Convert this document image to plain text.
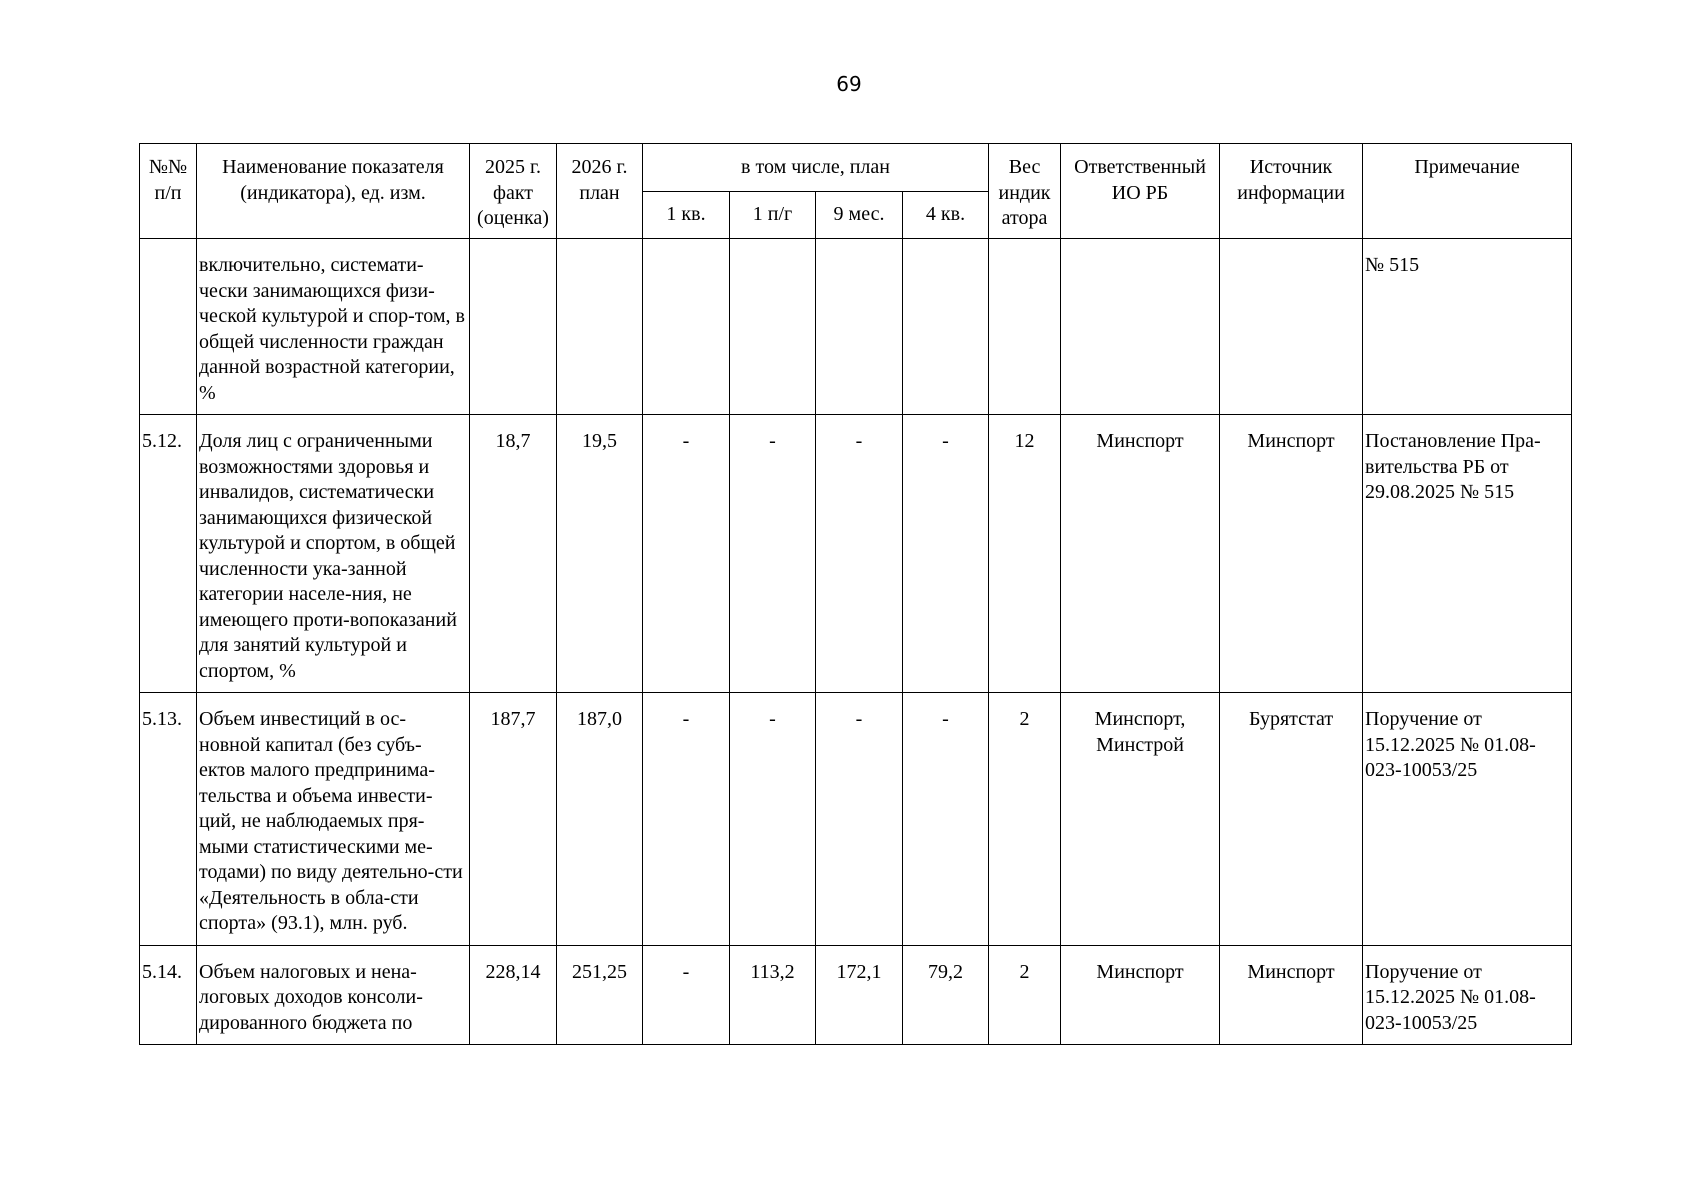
69
№№ п/п	Наименование показателя (индикатора), ед. изм.	2025 г. факт (оценка)	2026 г. план	в том числе, план				Вес индик атора	Ответственный ИО РБ	Источник информации	Примечание
				1 кв.	1 п/г	9 мес.	4 кв.				
	включительно, системати-чески занимающихся физи-ческой культурой и спор-том, в общей численности граждан данной возрастной категории, %										№ 515
5.12.	Доля лиц с ограниченными возможностями здоровья и инвалидов, систематически занимающихся физической культурой и спортом, в общей численности ука-занной категории населе-ния, не имеющего проти-вопоказаний для занятий культурой и спортом, %	18,7	19,5	-	-	-	-	12	Минспорт	Минспорт	Постановление Пра-вительства РБ от 29.08.2025 № 515
5.13.	Объем инвестиций в ос-новной капитал (без субъ-ектов малого предпринима-тельства и объема инвести-ций, не наблюдаемых пря-мыми статистическими ме-тодами) по виду деятельно-сти «Деятельность в обла-сти спорта» (93.1), млн. руб.	187,7	187,0	-	-	-	-	2	Минспорт, Минстрой	Бурятстат	Поручение от 15.12.2025 № 01.08-023-10053/25
5.14.	Объем налоговых и нена-логовых доходов консоли-дированного бюджета по	228,14	251,25	-	113,2	172,1	79,2	2	Минспорт	Минспорт	Поручение от 15.12.2025 № 01.08-023-10053/25
